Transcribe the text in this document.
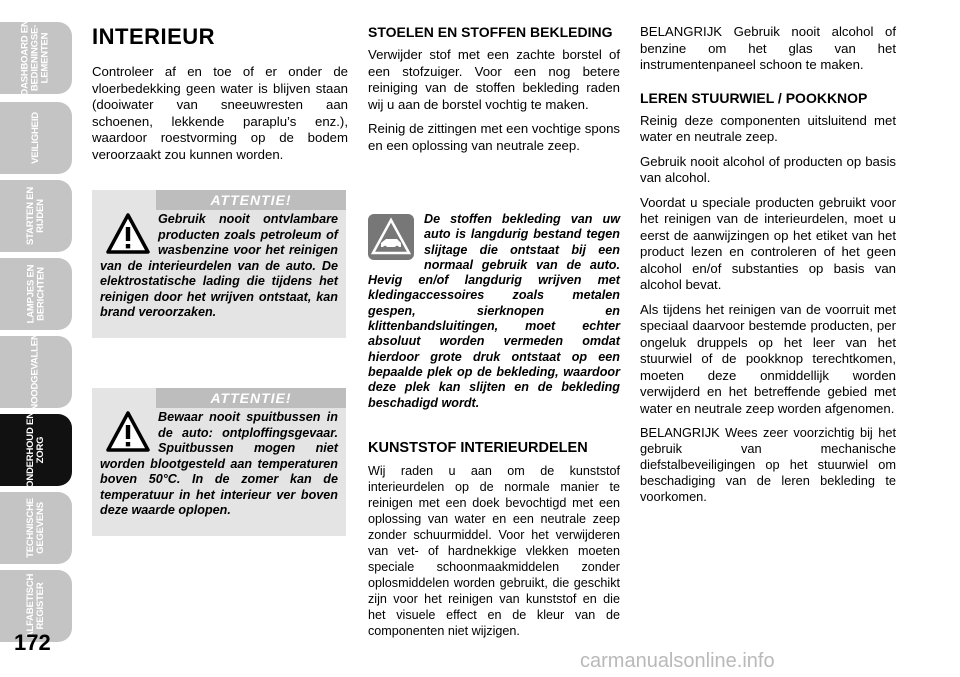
DASHBOARD EN
BEDIENINGSE-
LEMENTEN
VEILIGHEID
STARTEN EN
RIJDEN
LAMPJES EN
BERICHTEN
NOODGEVALLEN
ONDERHOUD EN
ZORG
TECHNISCHE
GEGEVENS
ALFABETISCH
REGISTER
172
INTERIEUR

Controleer af en toe of er onder de vloerbedekking geen water is blijven staan (dooiwater van sneeuwresten aan schoenen, lekkende paraplu’s enz.), waardoor roestvorming op de bodem veroorzaakt zou kunnen worden.

ATTENTIE!

Gebruik nooit ontvlambare producten zoals petroleum of wasbenzine voor het reinigen van de interieurdelen van de auto. De elektrostatische lading die tijdens het reinigen door het wrijven ontstaat, kan brand veroorzaken.

ATTENTIE!

Bewaar nooit spuitbussen in de auto: ontploffingsgevaar. Spuitbussen mogen niet worden blootgesteld aan temperaturen boven 50°C. In de zomer kan de temperatuur in het interieur ver boven deze waarde oplopen.

STOELEN EN STOFFEN BEKLEDING

Verwijder stof met een zachte borstel of een stofzuiger. Voor een nog betere reiniging van de stoffen bekleding raden wij u aan de borstel vochtig te maken.

Reinig de zittingen met een vochtige spons en een oplossing van neutrale zeep.

De stoffen bekleding van uw auto is langdurig bestand tegen slijtage die ontstaat bij een normaal gebruik van de auto. Hevig en/of langdurig wrijven met kledingaccessoires zoals metalen gespen, sierknopen en klittenbandsluitingen, moet echter absoluut worden vermeden omdat hierdoor grote druk ontstaat op een bepaalde plek op de bekleding, waardoor deze plek kan slijten en de bekleding beschadigd wordt.

KUNSTSTOF INTERIEURDELEN

Wij raden u aan om de kunststof interieurdelen op de normale manier te reinigen met een doek bevochtigd met een oplossing van water en een neutrale zeep zonder schuurmiddel. Voor het verwijderen van vet- of hardnekkige vlekken moeten speciale schoonmaakmiddelen zonder oplosmiddelen worden gebruikt, die geschikt zijn voor het reinigen van kunststof en die het visuele effect en de kleur van de componenten niet wijzigen.

BELANGRIJK Gebruik nooit alcohol of benzine om het glas van het instrumentenpaneel schoon te maken.

LEREN STUURWIEL / POOKKNOP

Reinig deze componenten uitsluitend met water en neutrale zeep.

Gebruik nooit alcohol of producten op basis van alcohol.

Voordat u speciale producten gebruikt voor het reinigen van de interieurdelen, moet u eerst de aanwijzingen op het etiket van het product lezen en controleren of het geen alcohol en/of substanties op basis van alcohol bevat.

Als tijdens het reinigen van de voorruit met speciaal daarvoor bestemde producten, per ongeluk druppels op het leer van het stuurwiel of de pookknop terechtkomen, moeten deze onmiddellijk worden verwijderd en het betreffende gebied met water en neutrale zeep worden afgenomen.

BELANGRIJK Wees zeer voorzichtig bij het gebruik van mechanische diefstalbeveiligingen op het stuurwiel om beschadiging van de leren bekleding te voorkomen.

carmanualsonline.info
